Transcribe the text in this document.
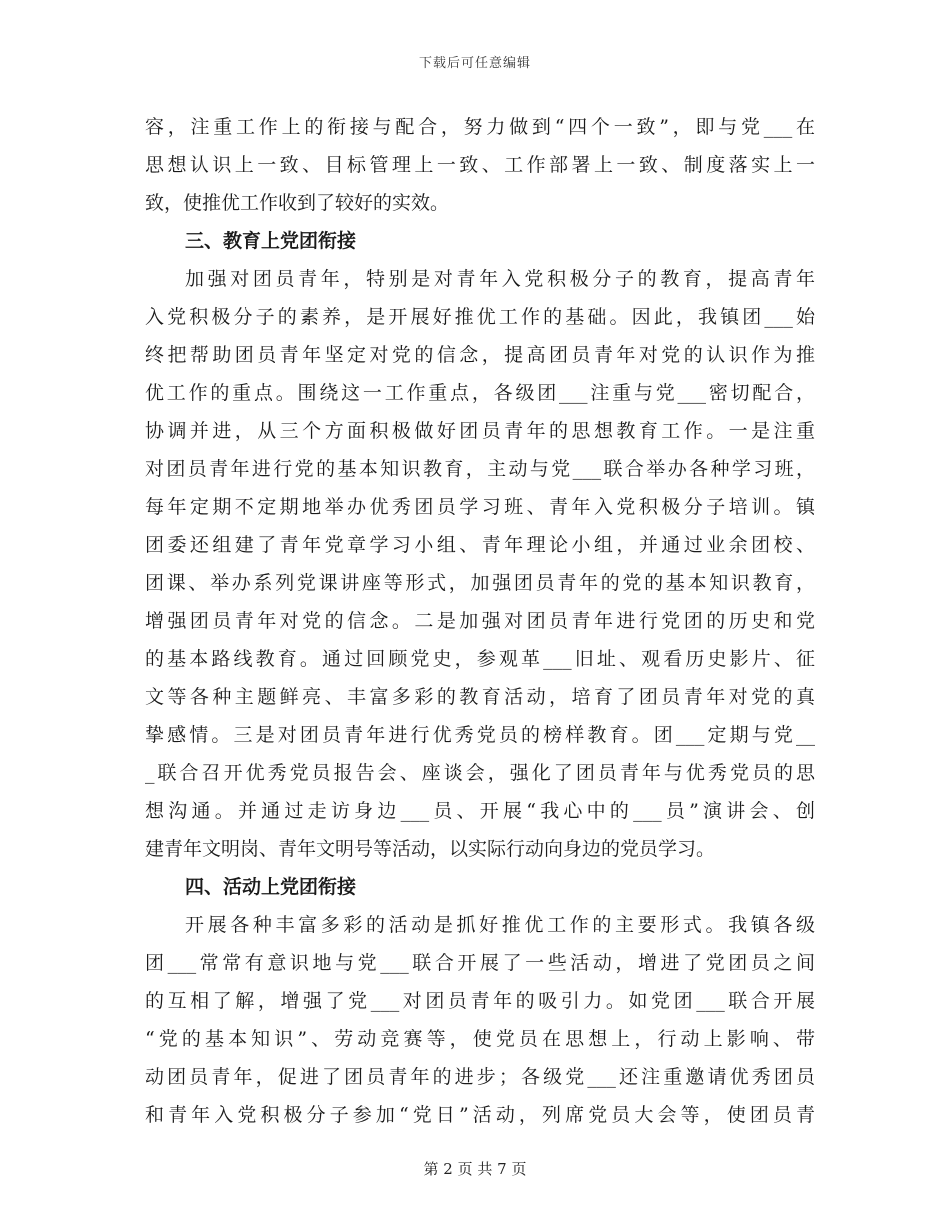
下载后可任意编辑
容，注重工作上的衔接与配合，努力做到“四个一致”，即与党___在
思想认识上一致、目标管理上一致、工作部署上一致、制度落实上一
致，使推优工作收到了较好的实效。
三、教育上党团衔接
加强对团员青年，特别是对青年入党积极分子的教育，提高青年
入党积极分子的素养，是开展好推优工作的基础。因此，我镇团___始
终把帮助团员青年坚定对党的信念，提高团员青年对党的认识作为推
优工作的重点。围绕这一工作重点，各级团___注重与党___密切配合，
协调并进，从三个方面积极做好团员青年的思想教育工作。一是注重
对团员青年进行党的基本知识教育，主动与党___联合举办各种学习班，
每年定期不定期地举办优秀团员学习班、青年入党积极分子培训。镇
团委还组建了青年党章学习小组、青年理论小组，并通过业余团校、
团课、举办系列党课讲座等形式，加强团员青年的党的基本知识教育，
增强团员青年对党的信念。二是加强对团员青年进行党团的历史和党
的基本路线教育。通过回顾党史，参观革___旧址、观看历史影片、征
文等各种主题鲜亮、丰富多彩的教育活动，培育了团员青年对党的真
挚感情。三是对团员青年进行优秀党员的榜样教育。团___定期与党__
_联合召开优秀党员报告会、座谈会，强化了团员青年与优秀党员的思
想沟通。并通过走访身边___员、开展“我心中的___员”演讲会、创
建青年文明岗、青年文明号等活动，以实际行动向身边的党员学习。
四、活动上党团衔接
开展各种丰富多彩的活动是抓好推优工作的主要形式。我镇各级
团___常常有意识地与党___联合开展了一些活动，增进了党团员之间
的互相了解，增强了党___对团员青年的吸引力。如党团___联合开展
“党的基本知识”、劳动竞赛等，使党员在思想上，行动上影响、带
动团员青年，促进了团员青年的进步；各级党___还注重邀请优秀团员
和青年入党积极分子参加“党日”活动，列席党员大会等，使团员青
第 2 页 共 7 页
